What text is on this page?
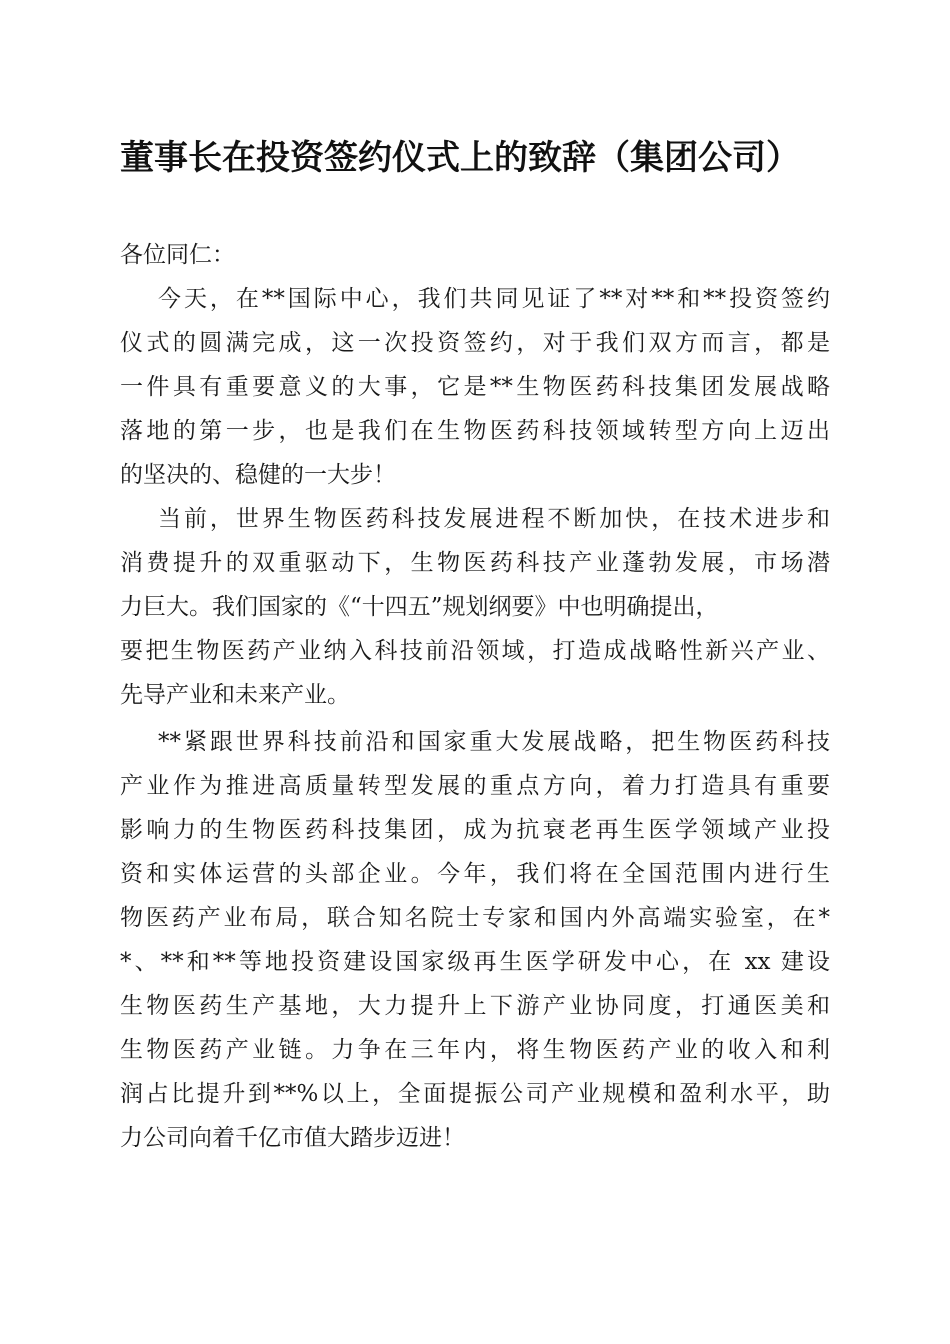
董事长在投资签约仪式上的致辞（集团公司）
各位同仁：
今天，在**国际中心，我们共同见证了**对**和**投资签约
仪式的圆满完成，这一次投资签约，对于我们双方而言，都是
一件具有重要意义的大事，它是**生物医药科技集团发展战略
落地的第一步，也是我们在生物医药科技领域转型方向上迈出
的坚决的、稳健的一大步！
当前，世界生物医药科技发展进程不断加快，在技术进步和
消费提升的双重驱动下，生物医药科技产业蓬勃发展，市场潜
力巨大。我们国家的《“十四五”规划纲要》中也明确提出，
要把生物医药产业纳入科技前沿领域，打造成战略性新兴产业、
先导产业和未来产业。
**紧跟世界科技前沿和国家重大发展战略，把生物医药科技
产业作为推进高质量转型发展的重点方向，着力打造具有重要
影响力的生物医药科技集团，成为抗衰老再生医学领域产业投
资和实体运营的头部企业。今年，我们将在全国范围内进行生
物医药产业布局，联合知名院士专家和国内外高端实验室，在*
*、**和**等地投资建设国家级再生医学研发中心，在 xx 建设
生物医药生产基地，大力提升上下游产业协同度，打通医美和
生物医药产业链。力争在三年内，将生物医药产业的收入和利
润占比提升到**%以上，全面提振公司产业规模和盈利水平，助
力公司向着千亿市值大踏步迈进！
